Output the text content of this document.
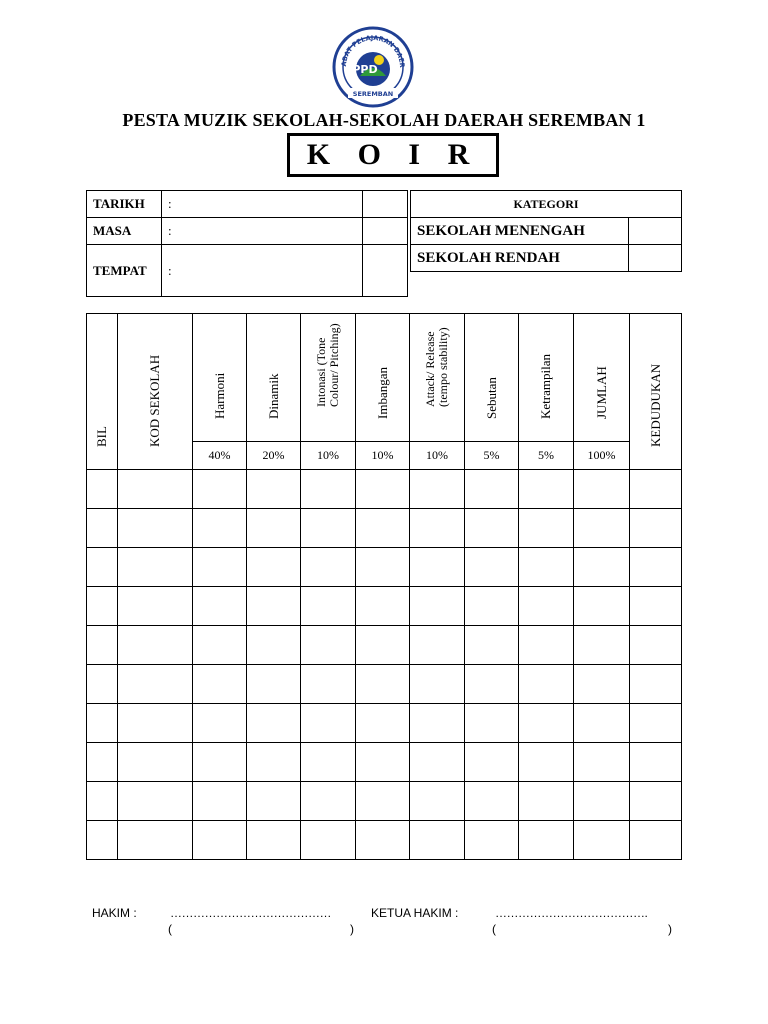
ABAT PELAJARAN DAER
PPD
SEREMBAN
PESTA MUZIK SEKOLAH-SEKOLAH DAERAH SEREMBAN 1
K O I R
TARIKH	:	
MASA	:	
TEMPAT	:	
KATEGORI	
SEKOLAH MENENGAH	
SEKOLAH RENDAH	
BIL	KOD SEKOLAH	Harmoni	Dinamik	Intonasi (Tone
Colour/ Pitching)	Imbangan	Attack/ Release
(tempo stability)	Sebutan	Ketrampilan	JUMLAH	KEDUDUKAN

		40%	20%	10%	10%	10%	5%	5%	100%	

HAKIM :	……………………………………	KETUA HAKIM :	………………………………….
(	)	(	)
